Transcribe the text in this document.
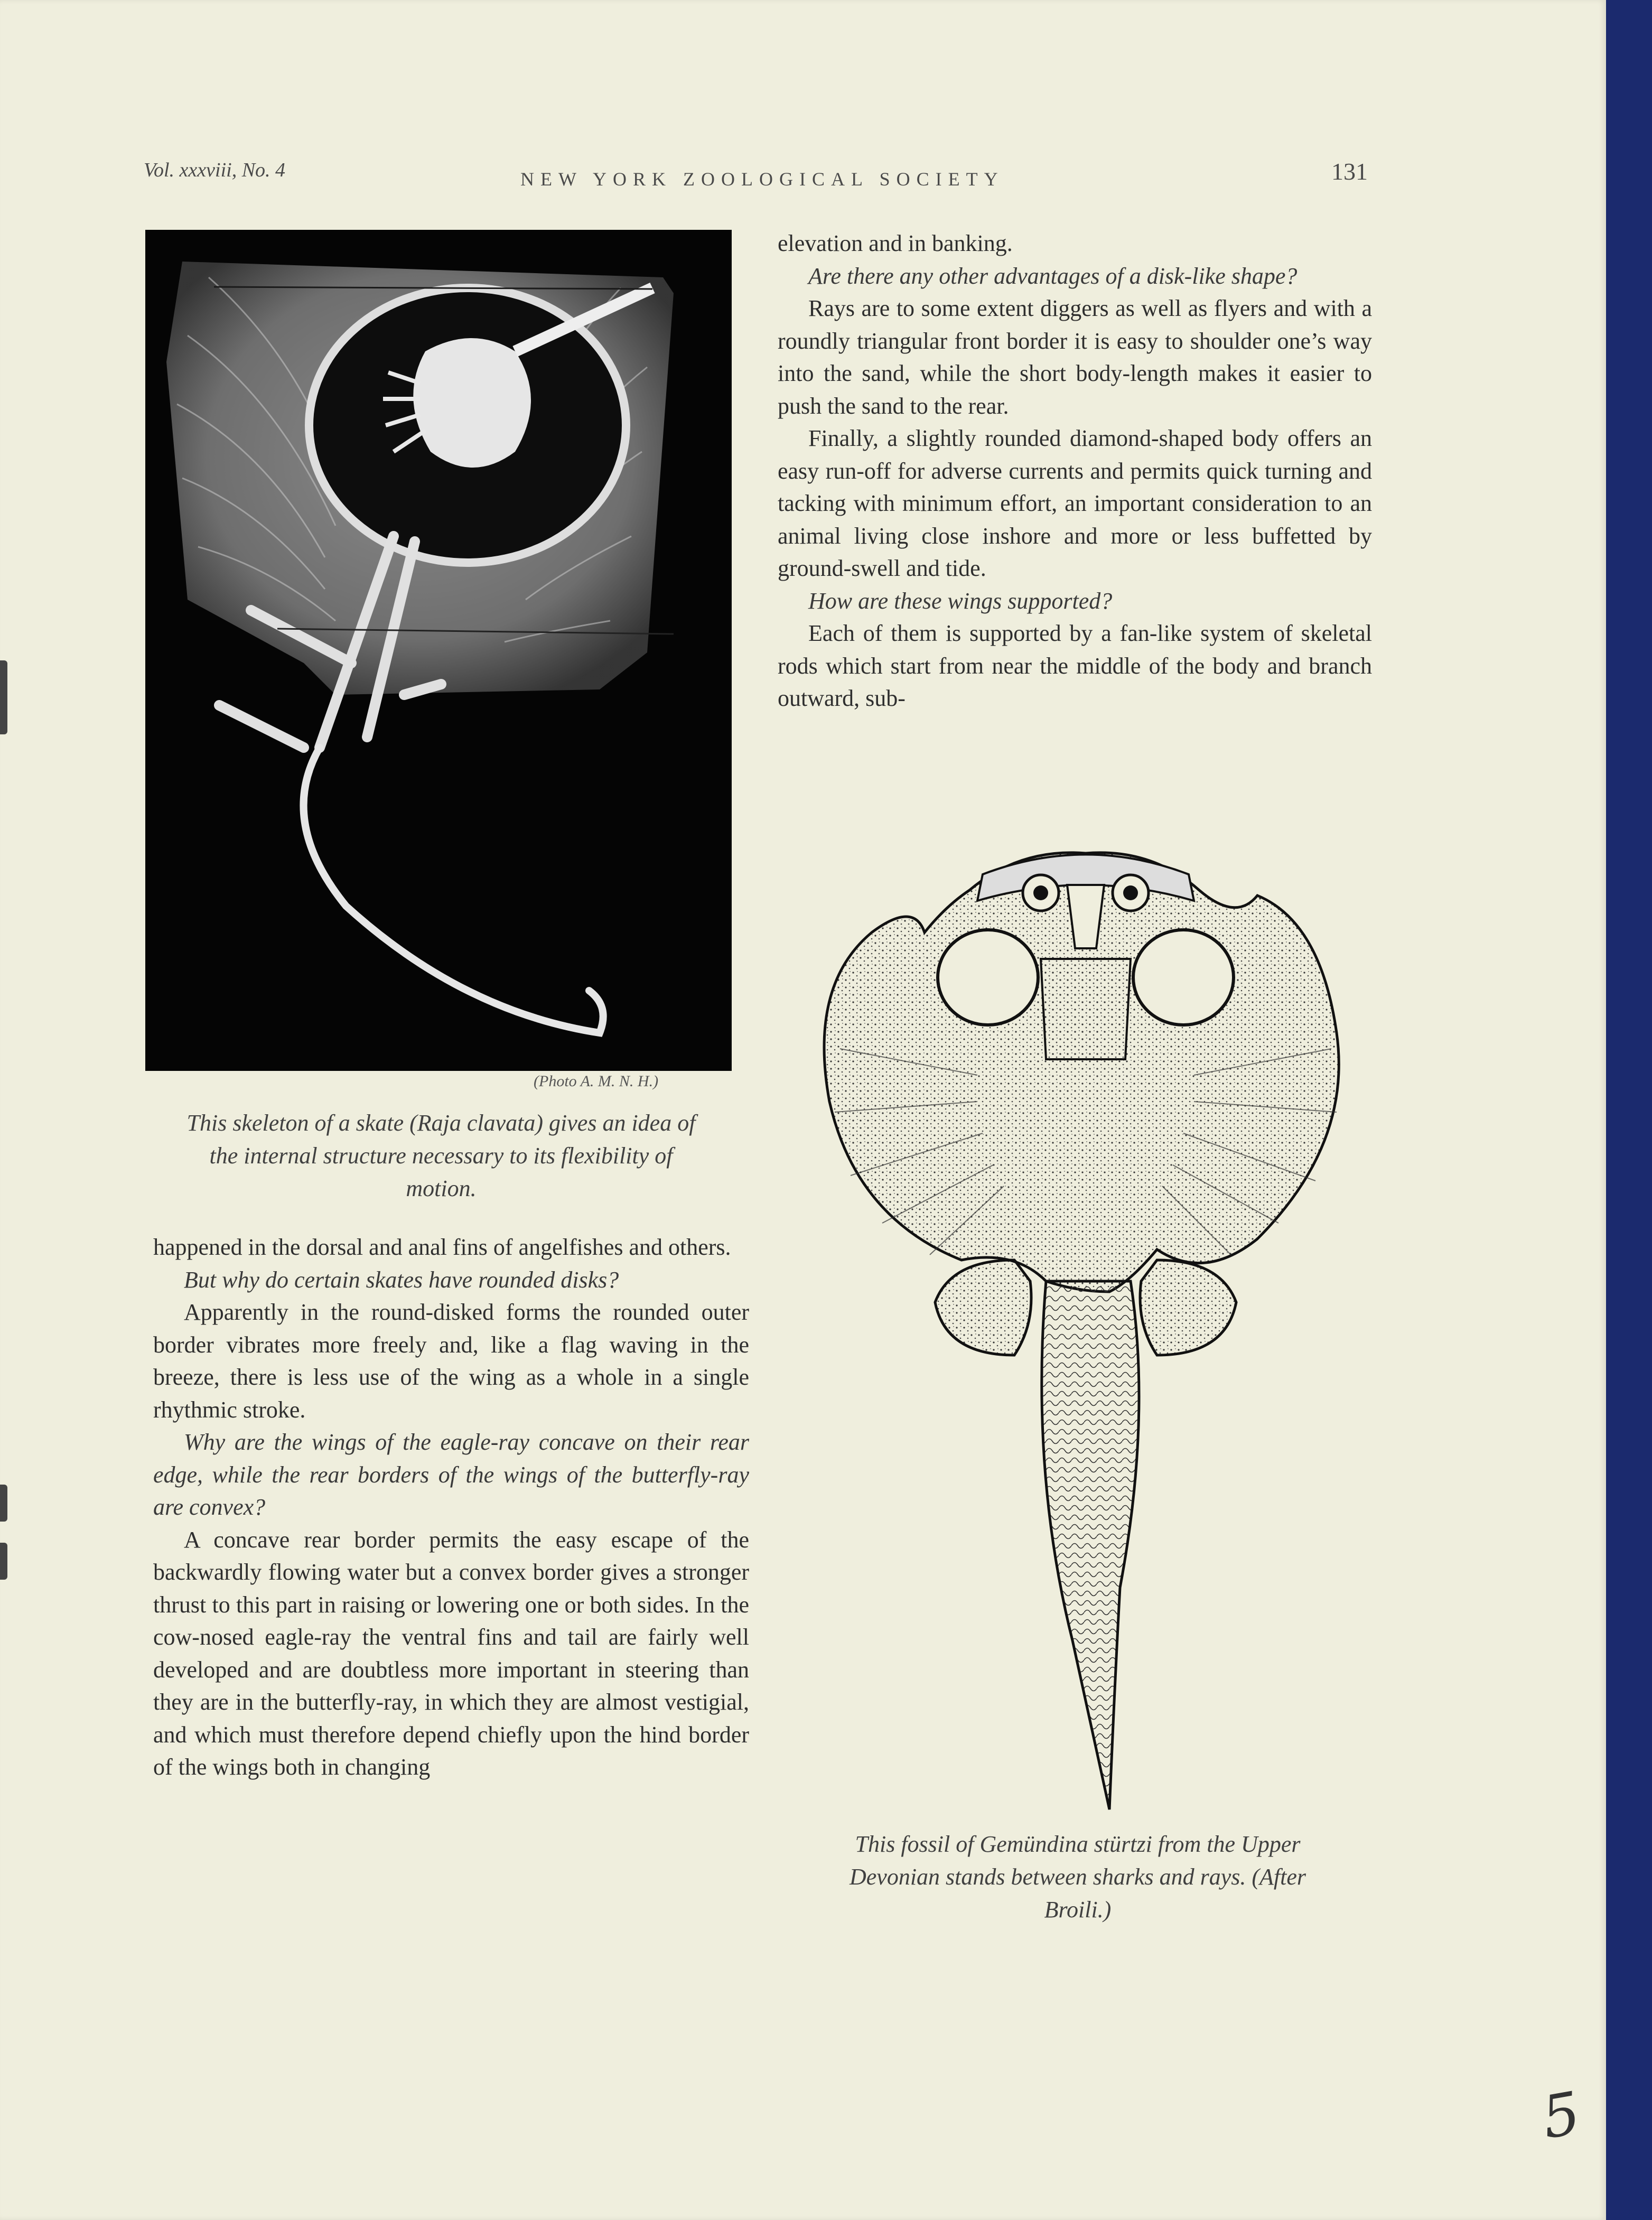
Vol. xxxviii, No. 4	NEW YORK ZOOLOGICAL SOCIETY	131
(Photo A. M. N. H.)
This skeleton of a skate (Raja clavata) gives an idea of the internal structure necessary to its flexibility of motion.

elevation and in banking.

Are there any other advantages of a disk-like shape?

Rays are to some extent diggers as well as flyers and with a roundly triangular front border it is easy to shoulder one’s way into the sand, while the short body-length makes it easier to push the sand to the rear.

Finally, a slightly rounded diamond-shaped body offers an easy run-off for adverse currents and permits quick turning and tacking with minimum effort, an important consideration to an animal living close inshore and more or less buffetted by ground-swell and tide.

How are these wings supported?

Each of them is supported by a fan-like system of skeletal rods which start from near the middle of the body and branch outward, sub-

happened in the dorsal and anal fins of angelfishes and others.

But why do certain skates have rounded disks?

Apparently in the round-disked forms the rounded outer border vibrates more freely and, like a flag waving in the breeze, there is less use of the wing as a whole in a single rhythmic stroke.

Why are the wings of the eagle-ray concave on their rear edge, while the rear borders of the wings of the butterfly-ray are convex?

A concave rear border permits the easy escape of the backwardly flowing water but a convex border gives a stronger thrust to this part in raising or lowering one or both sides. In the cow-nosed eagle-ray the ventral fins and tail are fairly well developed and are doubtless more important in steering than they are in the butterfly-ray, in which they are almost vestigial, and which must therefore depend chiefly upon the hind border of the wings both in changing

This fossil of Gemündina stürtzi from the Upper Devonian stands between sharks and rays. (After Broili.)
5
